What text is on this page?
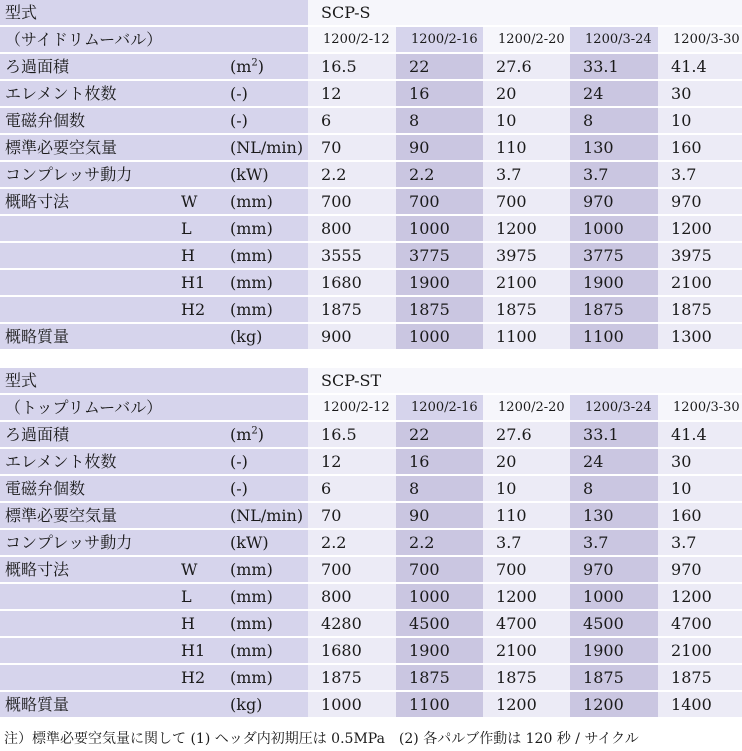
型式			SCP-S				
（サイドリムーバル）			1200/2-12	1200/2-16	1200/2-20	1200/3-24	1200/3-30
ろ過面積		$(m^2)$	16.5	22	27.6	33.1	41.4
エレメント枚数		(-)	12	16	20	24	30
電磁弁個数		(-)	6	8	10	8	10
標準必要空気量		(NL/min)	70	90	110	130	160
コンプレッサ動力		(kW)	2.2	2.2	3.7	3.7	3.7
概略寸法	W	(mm)	700	700	700	970	970
	L	(mm)	800	1000	1200	1000	1200
	H	(mm)	3555	3775	3975	3775	3975
	H1	(mm)	1680	1900	2100	1900	2100
	H2	(mm)	1875	1875	1875	1875	1875
概略質量		(kg)	900	1000	1100	1100	1300
型式			SCP-ST				
（トップリムーバル）			1200/2-12	1200/2-16	1200/2-20	1200/3-24	1200/3-30
ろ過面積		$(m^2)$	16.5	22	27.6	33.1	41.4
エレメント枚数		(-)	12	16	20	24	30
電磁弁個数		(-)	6	8	10	8	10
標準必要空気量		(NL/min)	70	90	110	130	160
コンプレッサ動力		(kW)	2.2	2.2	3.7	3.7	3.7
概略寸法	W	(mm)	700	700	700	970	970
	L	(mm)	800	1000	1200	1000	1200
	H	(mm)	4280	4500	4700	4500	4700
	H1	(mm)	1680	1900	2100	1900	2100
	H2	(mm)	1875	1875	1875	1875	1875
概略質量		(kg)	1000	1100	1200	1200	1400
注）標準必要空気量に関して (1) ヘッダ内初期圧は 0.5MPa　(2) 各パルブ作動は 120 秒 / サイクル
